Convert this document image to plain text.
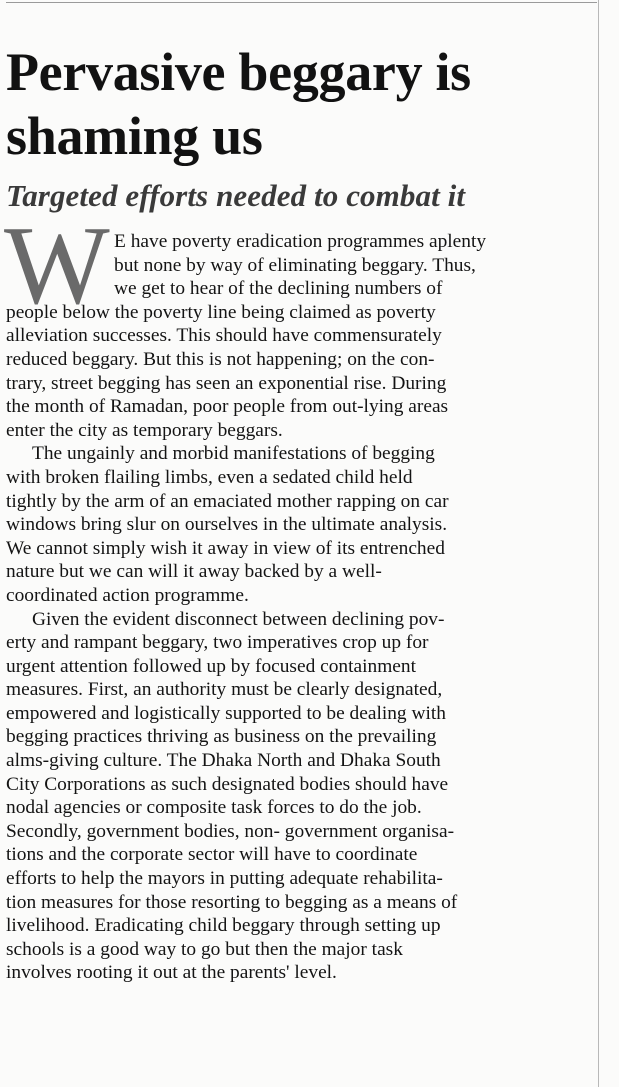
Pervasive beggary is
shaming us
Targeted efforts needed to combat it
W E have poverty eradication programmes aplenty
but none by way of eliminating beggary. Thus,
we get to hear of the declining numbers of
people below the poverty line being claimed as poverty
alleviation successes. This should have commensurately
reduced beggary. But this is not happening; on the con-
trary, street begging has seen an exponential rise. During
the month of Ramadan, poor people from out-lying areas
enter the city as temporary beggars.
The ungainly and morbid manifestations of begging
with broken flailing limbs, even a sedated child held
tightly by the arm of an emaciated mother rapping on car
windows bring slur on ourselves in the ultimate analysis.
We cannot simply wish it away in view of its entrenched
nature but we can will it away backed by a well-
coordinated action programme.
Given the evident disconnect between declining pov-
erty and rampant beggary, two imperatives crop up for
urgent attention followed up by focused containment
measures. First, an authority must be clearly designated,
empowered and logistically supported to be dealing with
begging practices thriving as business on the prevailing
alms-giving culture. The Dhaka North and Dhaka South
City Corporations as such designated bodies should have
nodal agencies or composite task forces to do the job.
Secondly, government bodies, non- government organisa-
tions and the corporate sector will have to coordinate
efforts to help the mayors in putting adequate rehabilita-
tion measures for those resorting to begging as a means of
livelihood. Eradicating child beggary through setting up
schools is a good way to go but then the major task
involves rooting it out at the parents' level.
